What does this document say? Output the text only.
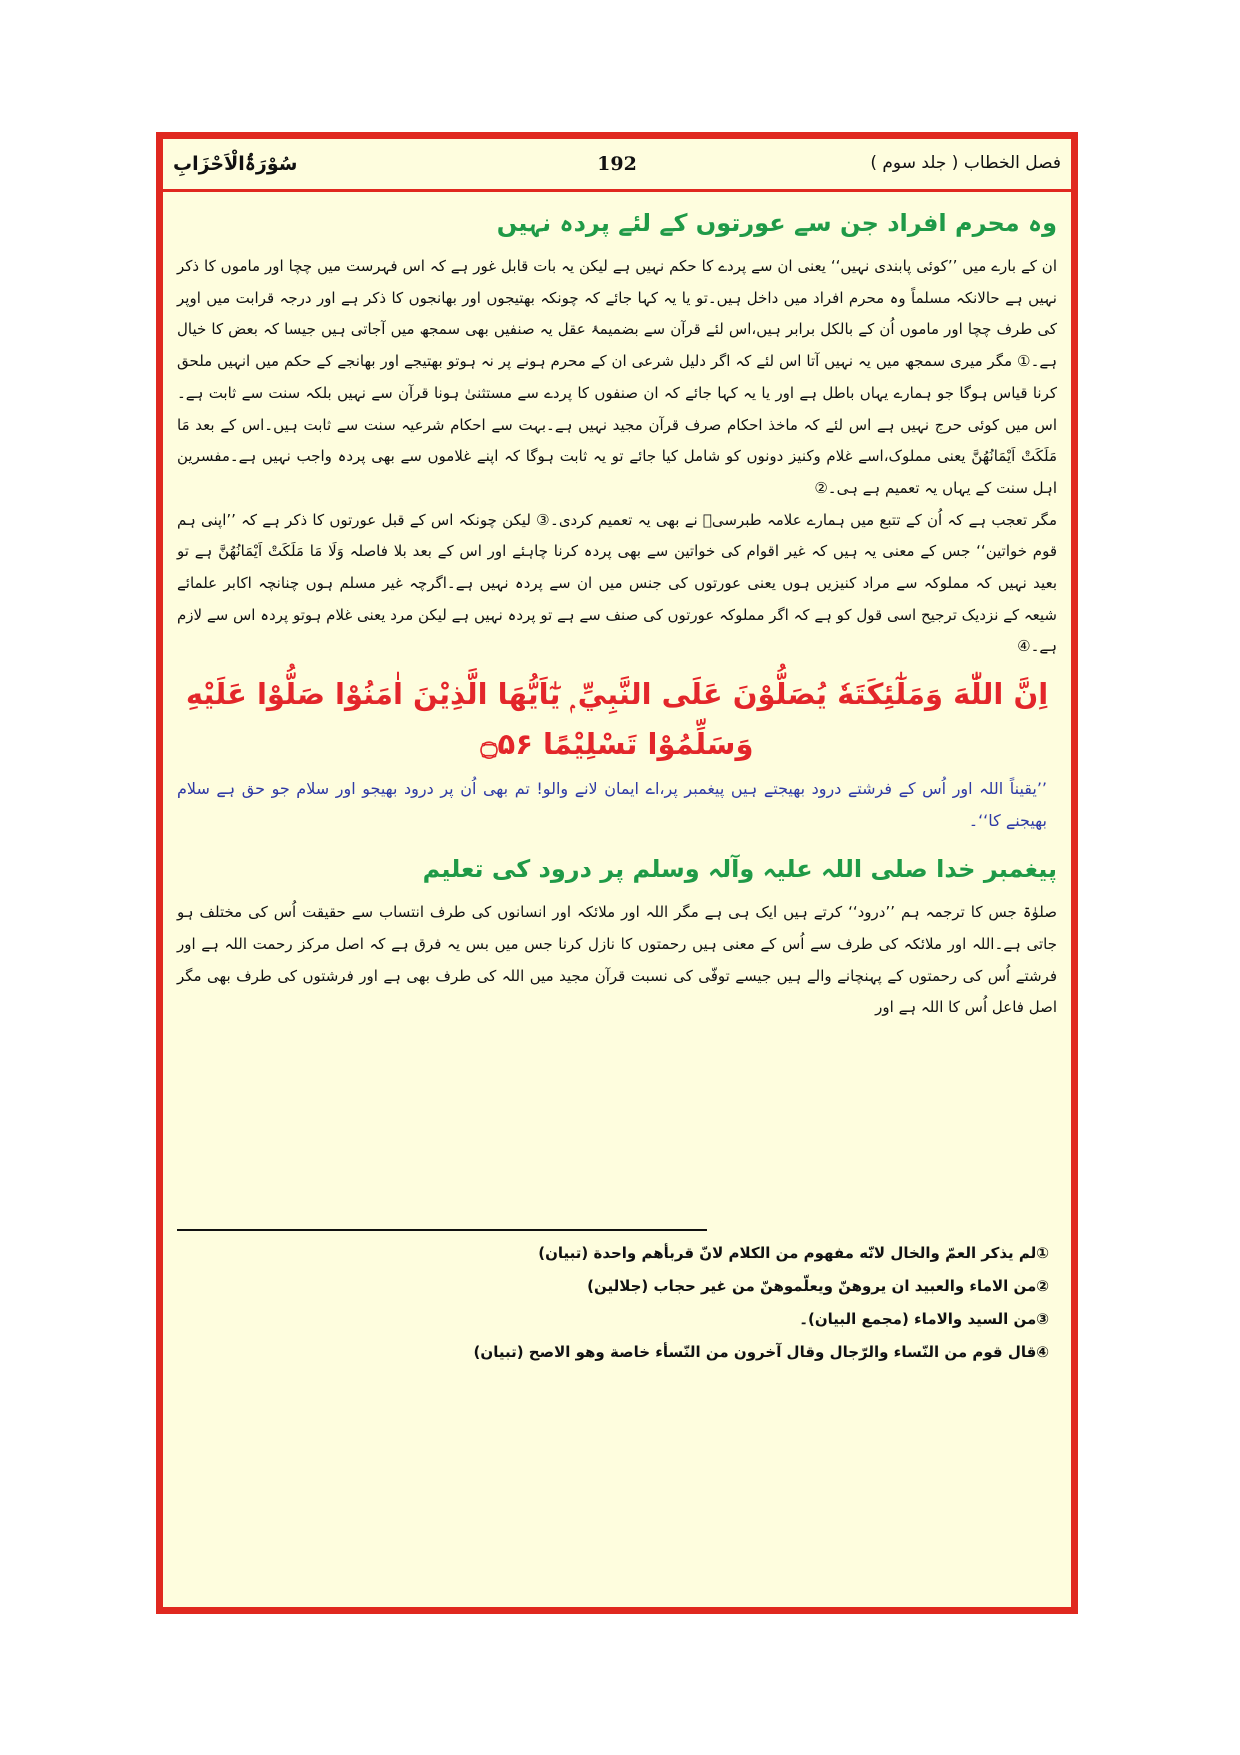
سُوْرَۃُالْاَحْزَابِ	192	فصل الخطاب ( جلد سوم )
وہ محرم افراد جن سے عورتوں کے لئے پردہ نہیں

ان کے بارے میں ’’کوئی پابندی نہیں‘‘ یعنی ان سے پردے کا حکم نہیں ہے لیکن یہ بات قابل غور ہے کہ اس فہرست میں چچا اور ماموں کا ذکر نہیں ہے حالانکہ مسلماً وہ محرم افراد میں داخل ہیں۔تو یا یہ کہا جائے کہ چونکہ بھتیجوں اور بھانجوں کا ذکر ہے اور درجہ قرابت میں اوپر کی طرف چچا اور ماموں اُن کے بالکل برابر ہیں،اس لئے قرآن سے بضمیمۂ عقل یہ صنفیں بھی سمجھ میں آجاتی ہیں جیسا کہ بعض کا خیال ہے۔① مگر میری سمجھ میں یہ نہیں آتا اس لئے کہ اگر دلیل شرعی ان کے محرم ہونے پر نہ ہوتو بھتیجے اور بھانجے کے حکم میں انہیں ملحق کرنا قیاس ہوگا جو ہمارے یہاں باطل ہے اور یا یہ کہا جائے کہ ان صنفوں کا پردے سے مستثنیٰ ہونا قرآن سے نہیں بلکہ سنت سے ثابت ہے۔اس میں کوئی حرج نہیں ہے اس لئے کہ ماخذ احکام صرف قرآن مجید نہیں ہے۔بہت سے احکام شرعیہ سنت سے ثابت ہیں۔اس کے بعد مَا مَلَكَتْ اَيْمَانُهُنَّ یعنی مملوک،اسے غلام وکنیز دونوں کو شامل کیا جائے تو یہ ثابت ہوگا کہ اپنے غلاموں سے بھی پردہ واجب نہیں ہے۔مفسرین اہل سنت کے یہاں یہ تعمیم ہے ہی۔②

مگر تعجب ہے کہ اُن کے تتبع میں ہمارے علامہ طبرسیؒ نے بھی یہ تعمیم کردی۔③ لیکن چونکہ اس کے قبل عورتوں کا ذکر ہے کہ ’’اپنی ہم قوم خواتین‘‘ جس کے معنی یہ ہیں کہ غیر اقوام کی خواتین سے بھی پردہ کرنا چاہئے اور اس کے بعد بلا فاصلہ وَلَا مَا مَلَكَتْ اَيْمَانُهُنَّ ہے تو بعید نہیں کہ مملوکہ سے مراد کنیزیں ہوں یعنی عورتوں کی جنس میں ان سے پردہ نہیں ہے۔اگرچہ غیر مسلم ہوں چنانچہ اکابر علمائے شیعہ کے نزدیک ترجیح اسی قول کو ہے کہ اگر مملوکہ عورتوں کی صنف سے ہے تو پردہ نہیں ہے لیکن مرد یعنی غلام ہوتو پردہ اس سے لازم ہے۔④

اِنَّ اللّٰهَ وَمَلٰٓئِكَتَهٗ يُصَلُّوْنَ عَلَى النَّبِيِّ ۭ يٰٓاَيُّهَا الَّذِيْنَ اٰمَنُوْا صَلُّوْا عَلَيْهِ وَسَلِّمُوْا تَسْلِيْمًا ۝۵۶

’’یقیناً اللہ اور اُس کے فرشتے درود بھیجتے ہیں پیغمبر پر،اے ایمان لانے والو! تم بھی اُن پر درود بھیجو اور سلام جو حق ہے سلام بھیجنے کا‘‘۔

پیغمبر خدا صلی اللہ علیہ وآلہ وسلم پر درود کی تعلیم

صلوٰۃ جس کا ترجمہ ہم ’’درود‘‘ کرتے ہیں ایک ہی ہے مگر اللہ اور ملائکہ اور انسانوں کی طرف انتساب سے حقیقت اُس کی مختلف ہو جاتی ہے۔اللہ اور ملائکہ کی طرف سے اُس کے معنی ہیں رحمتوں کا نازل کرنا جس میں بس یہ فرق ہے کہ اصل مرکز رحمت اللہ ہے اور فرشتے اُس کی رحمتوں کے پہنچانے والے ہیں جیسے توفّی کی نسبت قرآن مجید میں اللہ کی طرف بھی ہے اور فرشتوں کی طرف بھی مگر اصل فاعل اُس کا اللہ ہے اور

①لم يذكر العمّ والخال لانّه مفهوم من الكلام لانّ قربأهم واحدة (تبيان)
②من الاماء والعبيد ان يروهنّ ويعلّموهنّ من غير حجاب (جلالين)
③من السيد والاماء (مجمع البيان)۔
④قال قوم من النّساء والرّجال وقال آخرون من النّسأء خاصة وهو الاصح (تبيان)
